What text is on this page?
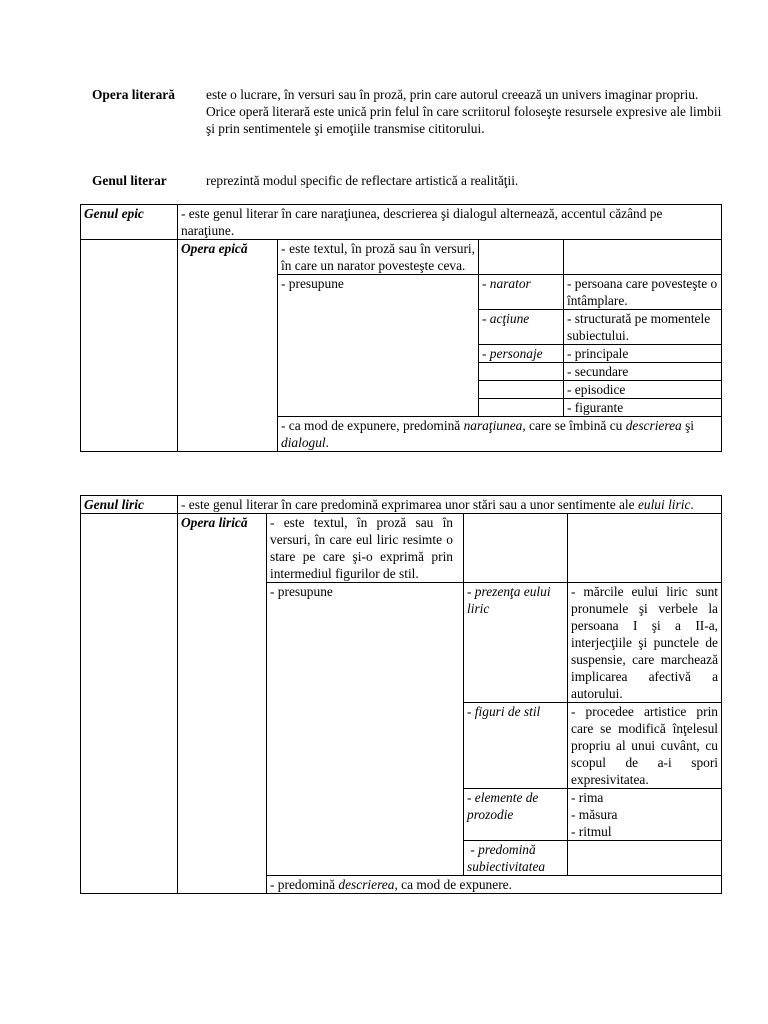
Opera literară	este o lucrare, în versuri sau în proză, prin care autorul creează un univers imaginar propriu. Orice operă literară este unică prin felul în care scriitorul foloseşte resursele expresive ale limbii şi prin sentimentele şi emoţiile transmise cititorului.
Genul literar	reprezintă modul specific de reflectare artistică a realităţii.
Genul epic	- este genul literar în care naraţiunea, descrierea şi dialogul alternează, accentul căzând pe naraţiune.			
	Opera epică	- este textul, în proză sau în versuri, în care un narator povesteşte ceva.		
		- presupune	- narator	- persoana care povesteşte o întâmplare.
			- acţiune	- structurată pe momentele subiectului.
			- personaje	- principale
				- secundare
				- episodice
				- figurante
		- ca mod de expunere, predomină naraţiunea, care se îmbină cu descrierea şi dialogul.		
Genul liric	- este genul literar în care predomină exprimarea unor stări sau a unor sentimente ale eului liric.			
	Opera lirică	- este textul, în proză sau în versuri, în care eul liric resimte o stare pe care şi-o exprimă prin intermediul figurilor de stil.		

		- presupune	- prezenţa eului liric	- mărcile eului liric sunt pronumele şi verbele la persoana I şi a II-a, interjecţiile şi punctele de suspensie, care marchează implicarea afectivă a autorului.
			- figuri de stil	- procedee artistice prin care se modifică înţelesul propriu al unui cuvânt, cu scopul de a-i spori expresivitatea.
			- elemente de prozodie	- rima
- măsura
- ritmul

			- predomină subiectivitatea	
		- predomină descrierea, ca mod de expunere.		
